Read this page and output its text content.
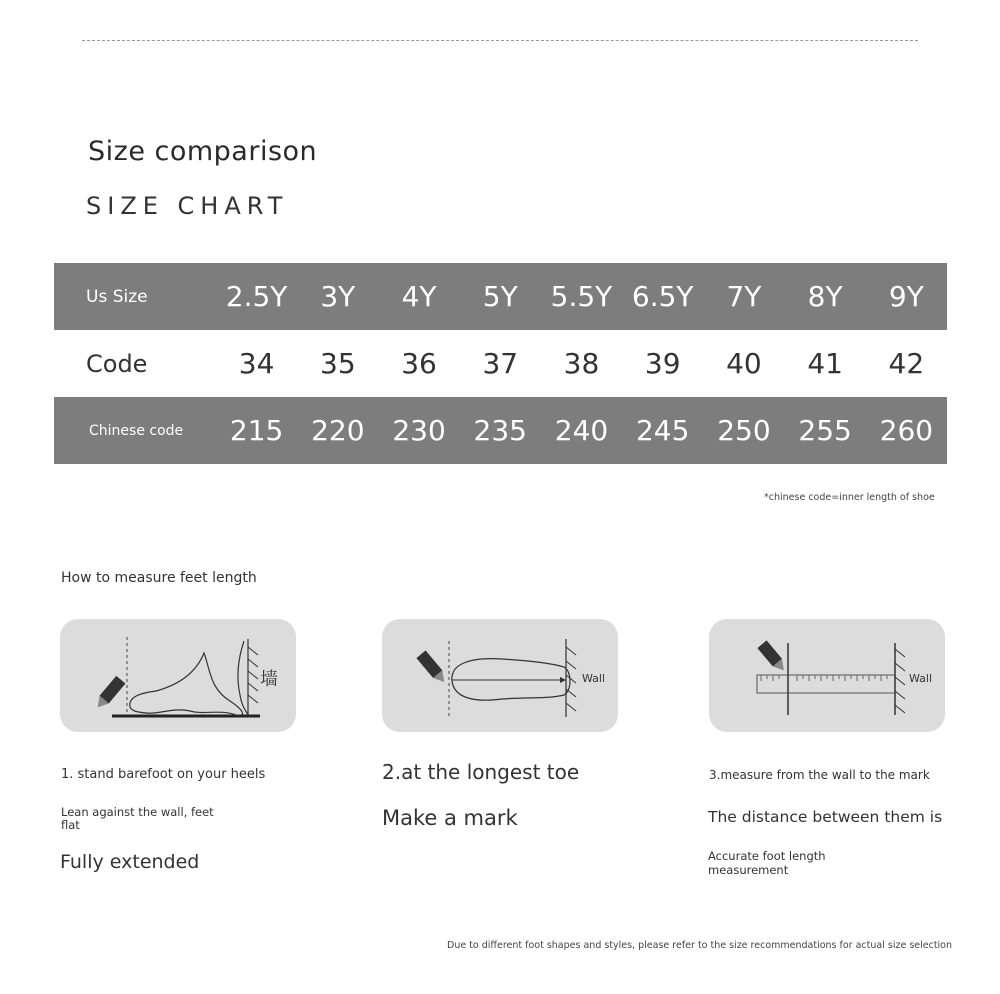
Size comparison
SIZE CHART
Us Size	2.5Y	3Y	4Y	5Y	5.5Y	6.5Y	7Y	8Y	9Y
Code	34	35	36	37	38	39	40	41	42
Chinese code	215	220	230	235	240	245	250	255	260
*chinese code=inner length of shoe
How to measure feet length
墙	Wall	Wall
1. stand barefoot on your heels
Lean against the wall, feet flat
Fully extended
2.at the longest toe
Make a mark
3.measure from the wall to the mark
The distance between them is
Accurate foot length measurement
Due to different foot shapes and styles, please refer to the size recommendations for actual size selection
